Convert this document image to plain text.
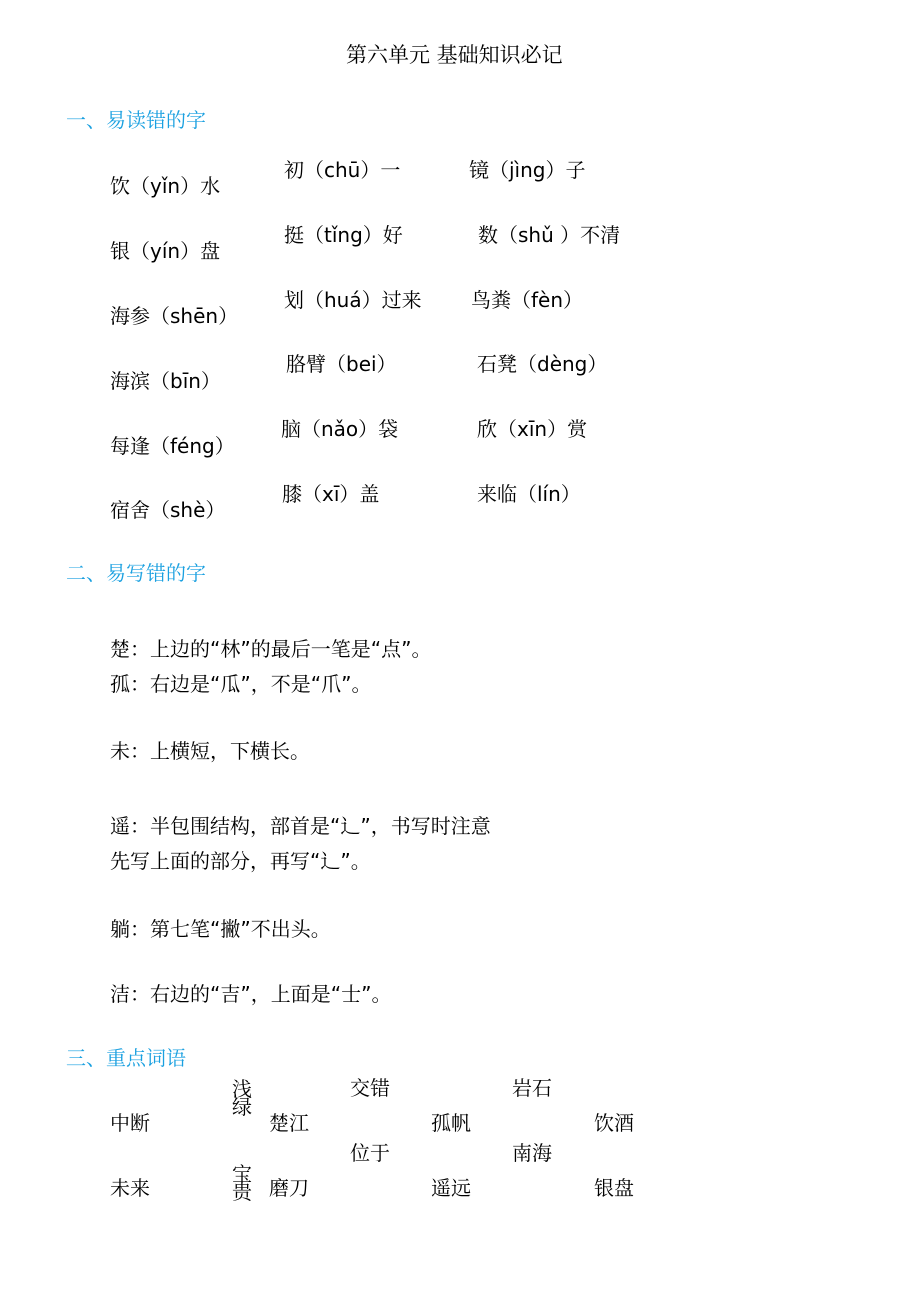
第六单元 基础知识必记
一、易读错的字
饮（yǐn）水
银（yín）盘
海参（shēn）
海滨（bīn）
每逢（féng）
宿舍（shè）
初（chū）一
挺（tǐng）好
划（huá）过来
胳臂（bei）
脑（nǎo）袋
膝（xī）盖
镜（jìng）子
数（shǔ ）不清
鸟粪（fèn）
石凳（dèng）
欣（xīn）赏
来临（lín）
二、易写错的字
楚：上边的“林”的最后一笔是“点”。
孤：右边是“瓜”，不是“爪”。
未：上横短，下横长。
遥：半包围结构，部首是“辶”，书写时注意
先写上面的部分，再写“辶”。
躺：第七笔“撇”不出头。
洁：右边的“吉”，上面是“士”。
三、重点词语
中断
浅
绿
楚江
交错
孤帆
岩石
饮酒
未来
宝
贵 磨刀
位于
遥远
南海
银盘
